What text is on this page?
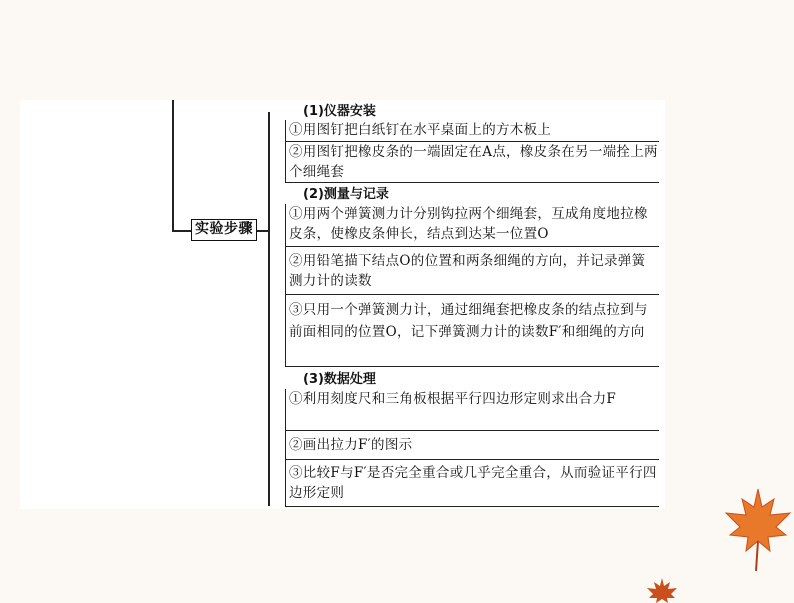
实验步骤
(1)仪器安装
①用图钉把白纸钉在水平桌面上的方木板上
②用图钉把橡皮条的一端固定在A点，橡皮条在另一端拴上两个细绳套
(2)测量与记录
①用两个弹簧测力计分别钩拉两个细绳套，互成角度地拉橡皮条，使橡皮条伸长，结点到达某一位置O
②用铅笔描下结点O的位置和两条细绳的方向，并记录弹簧测力计的读数
③只用一个弹簧测力计，通过细绳套把橡皮条的结点拉到与前面相同的位置O，记下弹簧测力计的读数F′和细绳的方向
(3)数据处理
①利用刻度尺和三角板根据平行四边形定则求出合力F
②画出拉力F′的图示
③比较F与F′是否完全重合或几乎完全重合，从而验证平行四边形定则
